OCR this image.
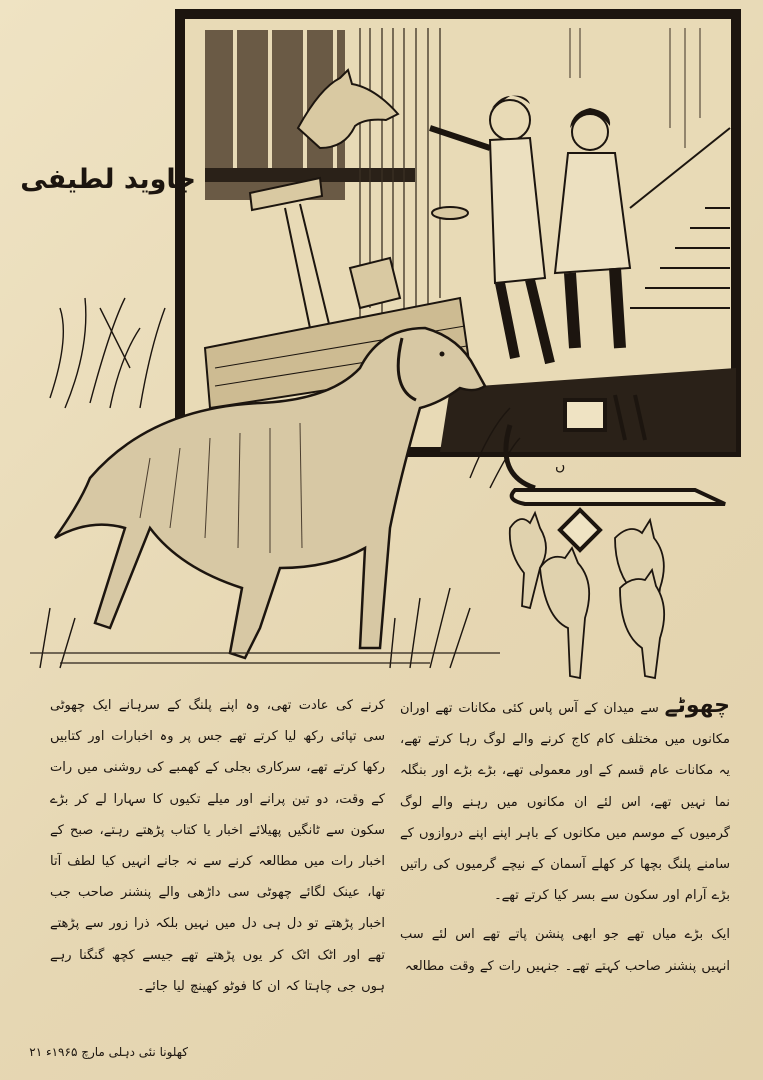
جاوید لطیفی
ں

چھوٹے سے میدان کے آس پاس کئی مکانات تھے اوران مکانوں میں مختلف کام کاج کرنے والے لوگ رہا کرتے تھے، یہ مکانات عام قسم کے اور معمولی تھے، بڑے بڑے اور بنگلہ نما نہیں تھے، اس لئے ان مکانوں میں رہنے والے لوگ گرمیوں کے موسم میں مکانوں کے باہر اپنے اپنے دروازوں کے سامنے پلنگ بچھا کر کھلے آسمان کے نیچے گرمیوں کی راتیں بڑے آرام اور سکون سے بسر کیا کرتے تھے۔

ایک بڑے میاں تھے جو ابھی پنشن پاتے تھے اس لئے سب انہیں پنشنر صاحب کہتے تھے۔ جنہیں رات کے وقت مطالعہ

کرنے کی عادت تھی، وہ اپنے پلنگ کے سرہانے ایک چھوٹی سی تپائی رکھ لیا کرتے تھے جس پر وہ اخبارات اور کتابیں رکھا کرتے تھے، سرکاری بجلی کے کھمبے کی روشنی میں رات کے وقت، دو تین پرانے اور میلے تکیوں کا سہارا لے کر بڑے سکون سے ٹانگیں پھیلائے اخبار یا کتاب پڑھتے رہتے، صبح کے اخبار رات میں مطالعہ کرنے سے نہ جانے انہیں کیا لطف آتا تھا، عینک لگائے چھوٹی سی داڑھی والے پنشنر صاحب جب اخبار پڑھتے تو دل ہی دل میں نہیں بلکہ ذرا زور سے پڑھتے تھے اور اٹک اٹک کر یوں پڑھتے تھے جیسے کچھ گنگنا رہے ہوں جی چاہتا کہ ان کا فوٹو کھینچ لیا جائے۔

کھلونا نئی دہلی مارچ ۱۹۶۵ء ۲۱
